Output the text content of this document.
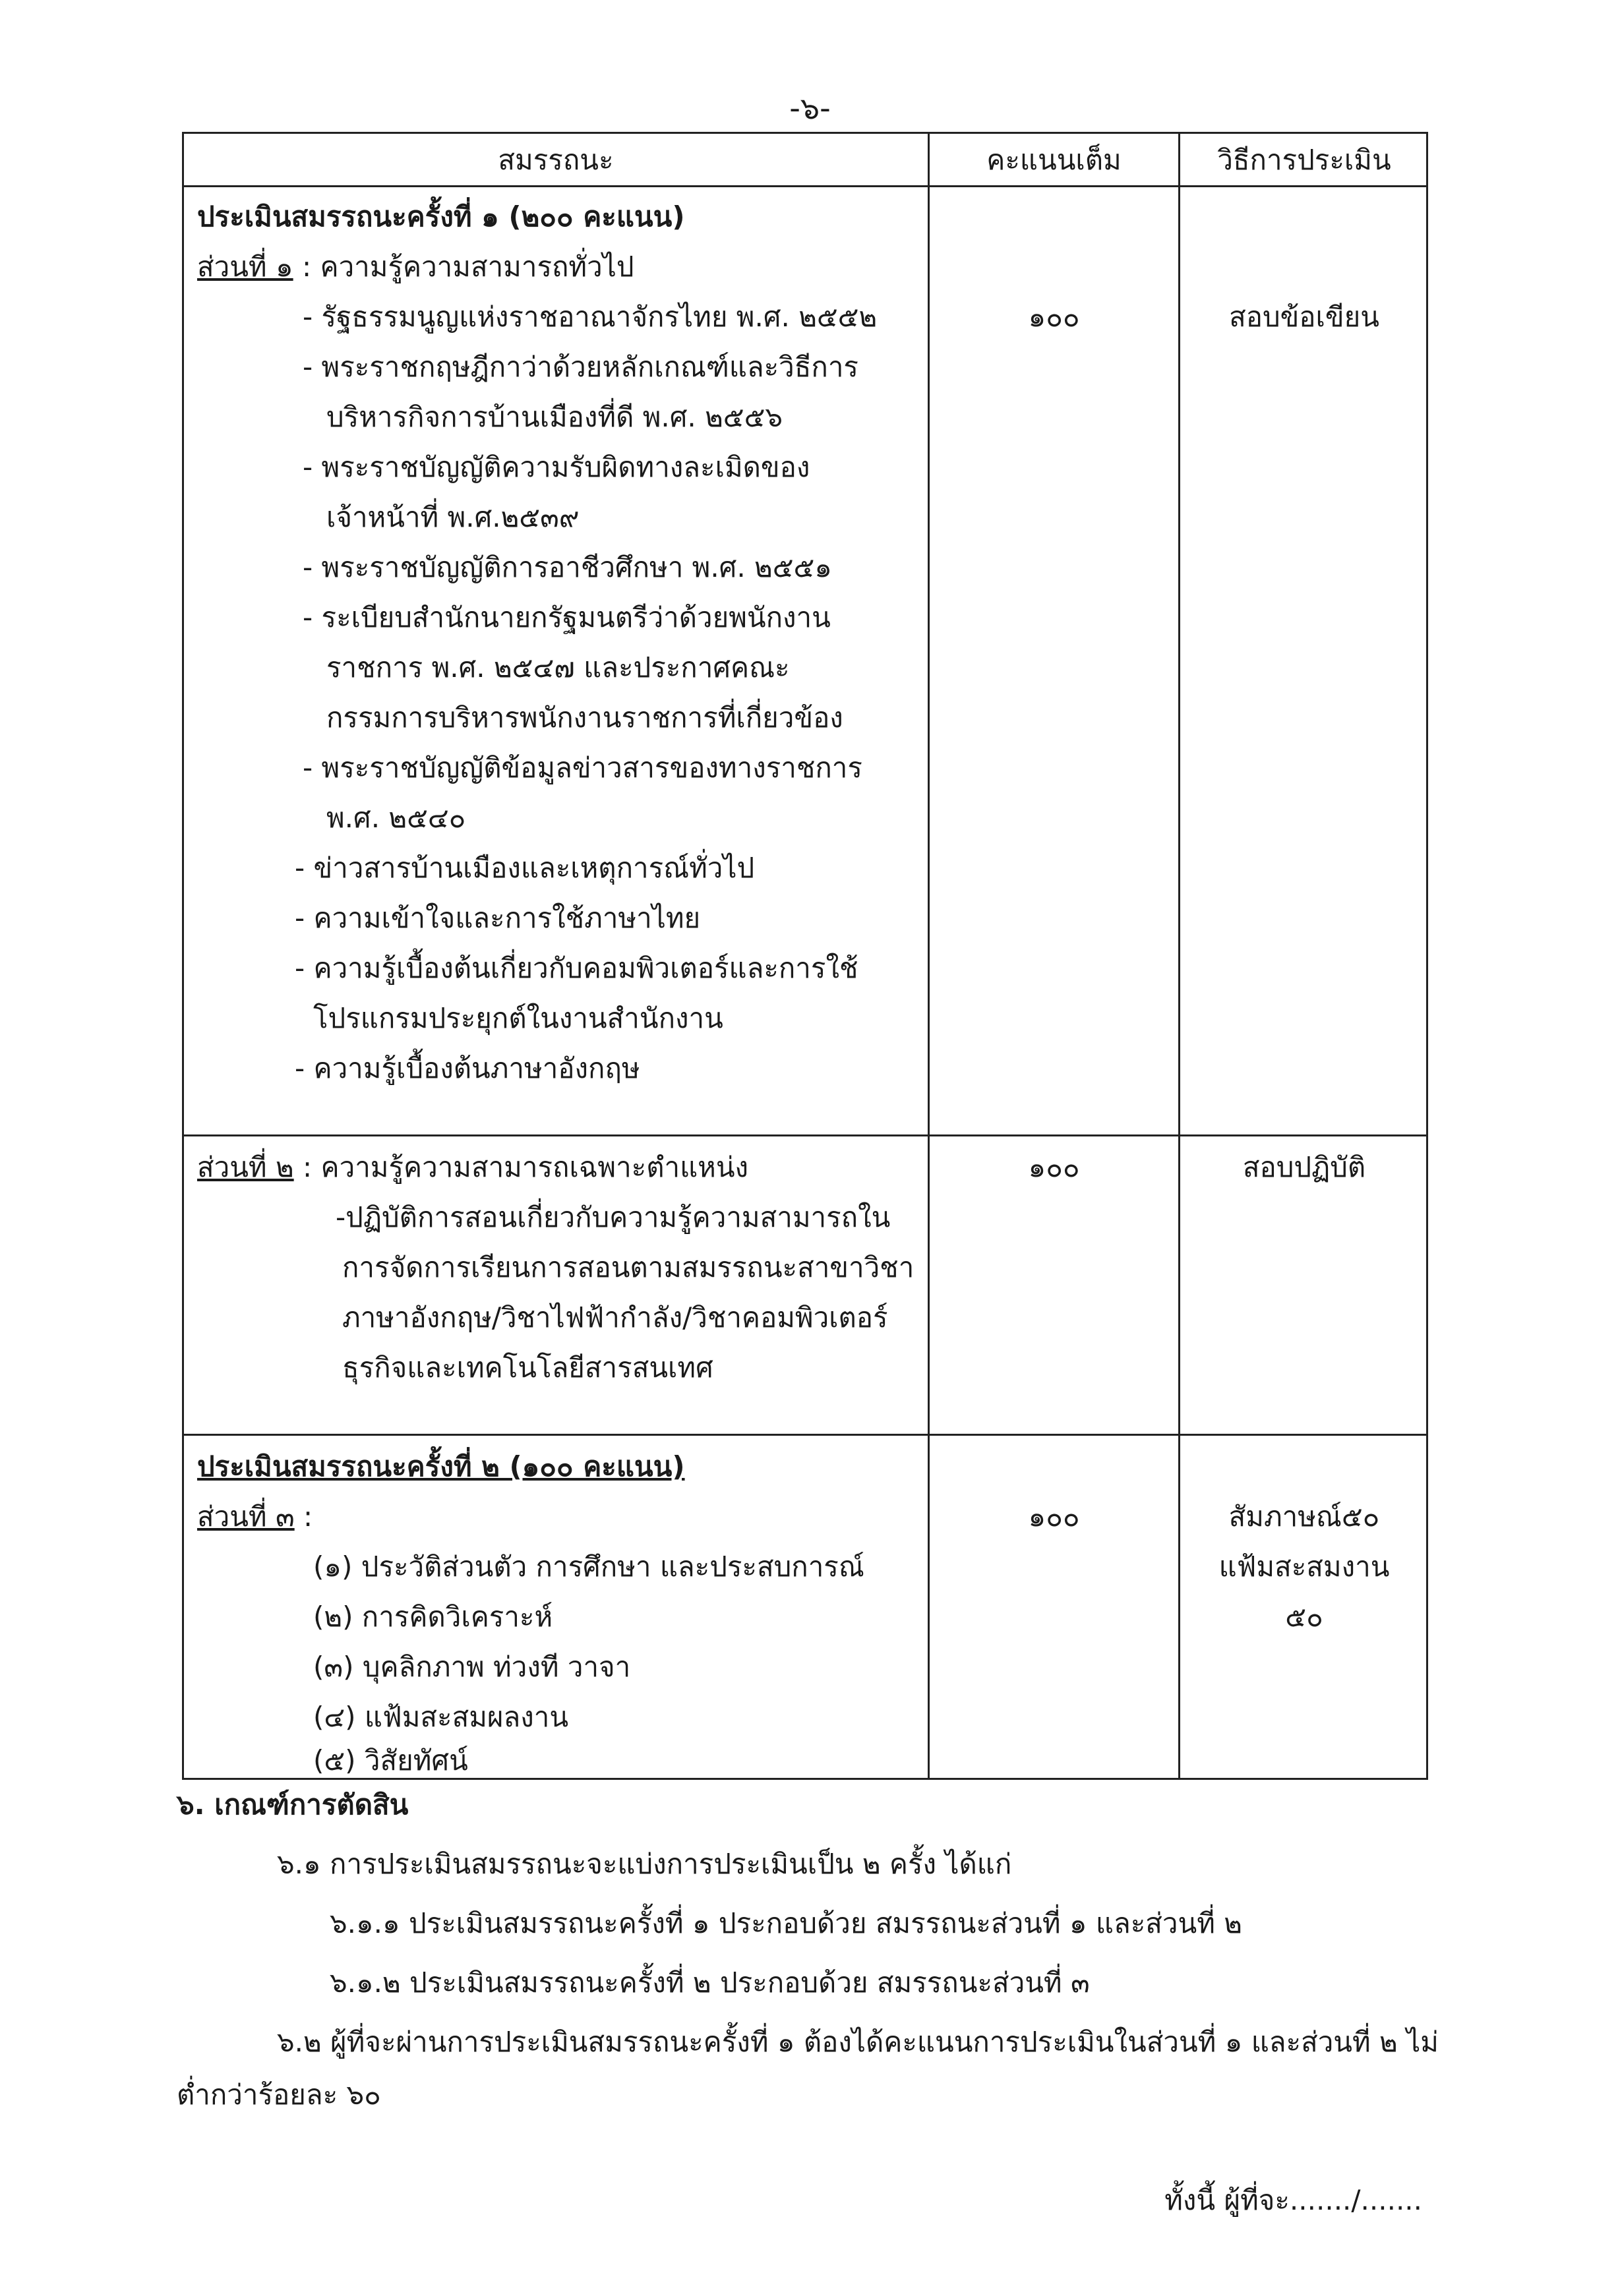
-๖-
สมรรถนะ	คะแนนเต็ม	วิธีการประเมิน
ประเมินสมรรถนะครั้งที่ ๑ (๒๐๐ คะแนน)
ส่วนที่ ๑ : ความรู้ความสามารถทั่วไป
- รัฐธรรมนูญแห่งราชอาณาจักรไทย พ.ศ. ๒๕๕๒
- พระราชกฤษฎีกาว่าด้วยหลักเกณฑ์และวิธีการ
บริหารกิจการบ้านเมืองที่ดี พ.ศ. ๒๕๕๖
- พระราชบัญญัติความรับผิดทางละเมิดของ
เจ้าหน้าที่ พ.ศ.๒๕๓๙
- พระราชบัญญัติการอาชีวศึกษา พ.ศ. ๒๕๕๑
- ระเบียบสำนักนายกรัฐมนตรีว่าด้วยพนักงาน
ราชการ พ.ศ. ๒๕๔๗ และประกาศคณะ
กรรมการบริหารพนักงานราชการที่เกี่ยวข้อง
- พระราชบัญญัติข้อมูลข่าวสารของทางราชการ
พ.ศ. ๒๕๔๐
- ข่าวสารบ้านเมืองและเหตุการณ์ทั่วไป
- ความเข้าใจและการใช้ภาษาไทย
- ความรู้เบื้องต้นเกี่ยวกับคอมพิวเตอร์และการใช้
โปรแกรมประยุกต์ในงานสำนักงาน
- ความรู้เบื้องต้นภาษาอังกฤษ
๑๐๐	สอบข้อเขียน
ส่วนที่ ๒ : ความรู้ความสามารถเฉพาะตำแหน่ง
-ปฏิบัติการสอนเกี่ยวกับความรู้ความสามารถใน
การจัดการเรียนการสอนตามสมรรถนะสาขาวิชา
ภาษาอังกฤษ/วิชาไฟฟ้ากำลัง/วิชาคอมพิวเตอร์
ธุรกิจและเทคโนโลยีสารสนเทศ
๑๐๐	สอบปฏิบัติ
ประเมินสมรรถนะครั้งที่ ๒ (๑๐๐ คะแนน)
ส่วนที่ ๓ :
(๑) ประวัติส่วนตัว การศึกษา และประสบการณ์
(๒) การคิดวิเคราะห์
(๓) บุคลิกภาพ ท่วงที วาจา
(๔) แฟ้มสะสมผลงาน
(๕) วิสัยทัศน์
๑๐๐	สัมภาษณ์๕๐
แฟ้มสะสมงาน
๕๐
๖. เกณฑ์การตัดสิน
๖.๑ การประเมินสมรรถนะจะแบ่งการประเมินเป็น ๒ ครั้ง ได้แก่
๖.๑.๑ ประเมินสมรรถนะครั้งที่ ๑ ประกอบด้วย สมรรถนะส่วนที่ ๑ และส่วนที่ ๒
๖.๑.๒ ประเมินสมรรถนะครั้งที่ ๒ ประกอบด้วย สมรรถนะส่วนที่ ๓
๖.๒ ผู้ที่จะผ่านการประเมินสมรรถนะครั้งที่ ๑ ต้องได้คะแนนการประเมินในส่วนที่ ๑ และส่วนที่ ๒ ไม่
ต่ำกว่าร้อยละ ๖๐
ทั้งนี้ ผู้ที่จะ......./.......
